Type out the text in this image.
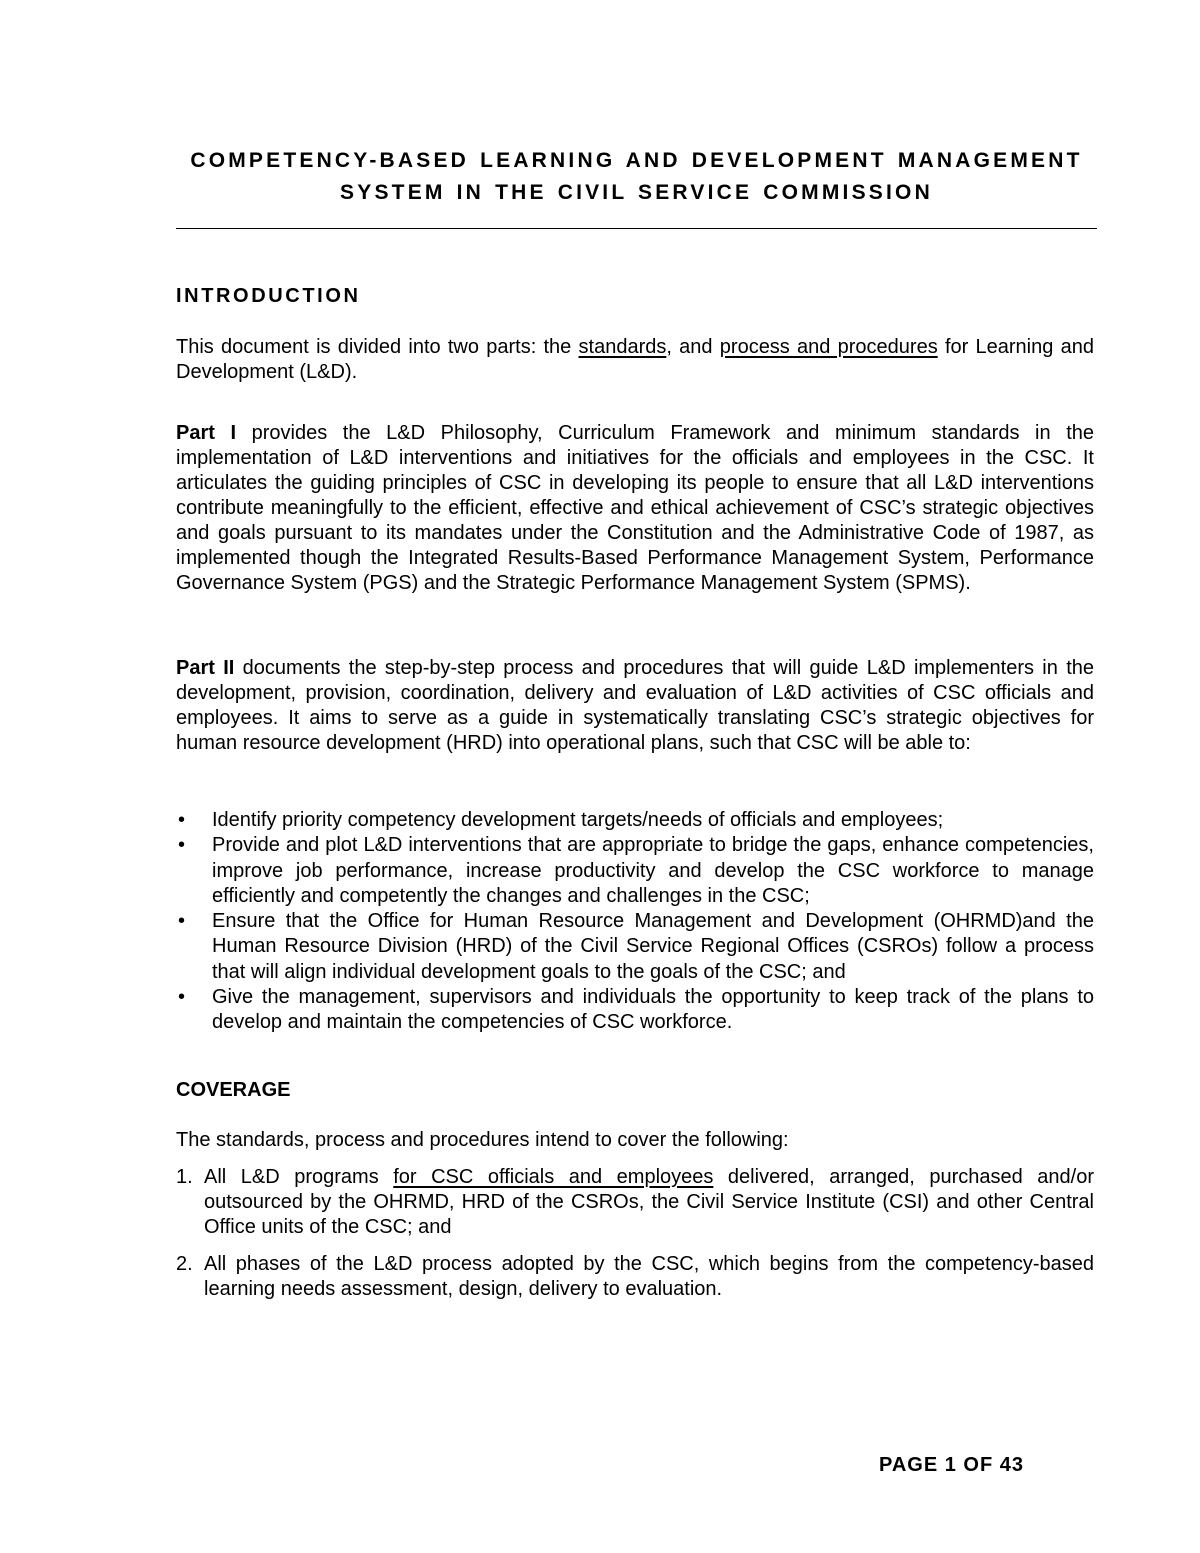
COMPETENCY-BASED LEARNING AND DEVELOPMENT MANAGEMENT
SYSTEM IN THE CIVIL SERVICE COMMISSION
INTRODUCTION
This document is divided into two parts: the standards, and process and procedures for Learning and Development (L&D).
Part I provides the L&D Philosophy, Curriculum Framework and minimum standards in the implementation of L&D interventions and initiatives for the officials and employees in the CSC. It articulates the guiding principles of CSC in developing its people to ensure that all L&D interventions contribute meaningfully to the efficient, effective and ethical achievement of CSC’s strategic objectives and goals pursuant to its mandates under the Constitution and the Administrative Code of 1987, as implemented though the Integrated Results-Based Performance Management System, Performance Governance System (PGS) and the Strategic Performance Management System (SPMS).
Part II documents the step-by-step process and procedures that will guide L&D implementers in the development, provision, coordination, delivery and evaluation of L&D activities of CSC officials and employees. It aims to serve as a guide in systematically translating CSC’s strategic objectives for human resource development (HRD) into operational plans, such that CSC will be able to:
• Identify priority competency development targets/needs of officials and employees;
• Provide and plot L&D interventions that are appropriate to bridge the gaps, enhance competencies, improve job performance, increase productivity and develop the CSC workforce to manage efficiently and competently the changes and challenges in the CSC;
• Ensure that the Office for Human Resource Management and Development (OHRMD)and the Human Resource Division (HRD) of the Civil Service Regional Offices (CSROs) follow a process that will align individual development goals to the goals of the CSC; and
• Give the management, supervisors and individuals the opportunity to keep track of the plans to develop and maintain the competencies of CSC workforce.
COVERAGE
The standards, process and procedures intend to cover the following:
1. All L&D programs for CSC officials and employees delivered, arranged, purchased and/or outsourced by the OHRMD, HRD of the CSROs, the Civil Service Institute (CSI) and other Central Office units of the CSC; and
2. All phases of the L&D process adopted by the CSC, which begins from the competency-based learning needs assessment, design, delivery to evaluation.
PAGE 1 OF 43
